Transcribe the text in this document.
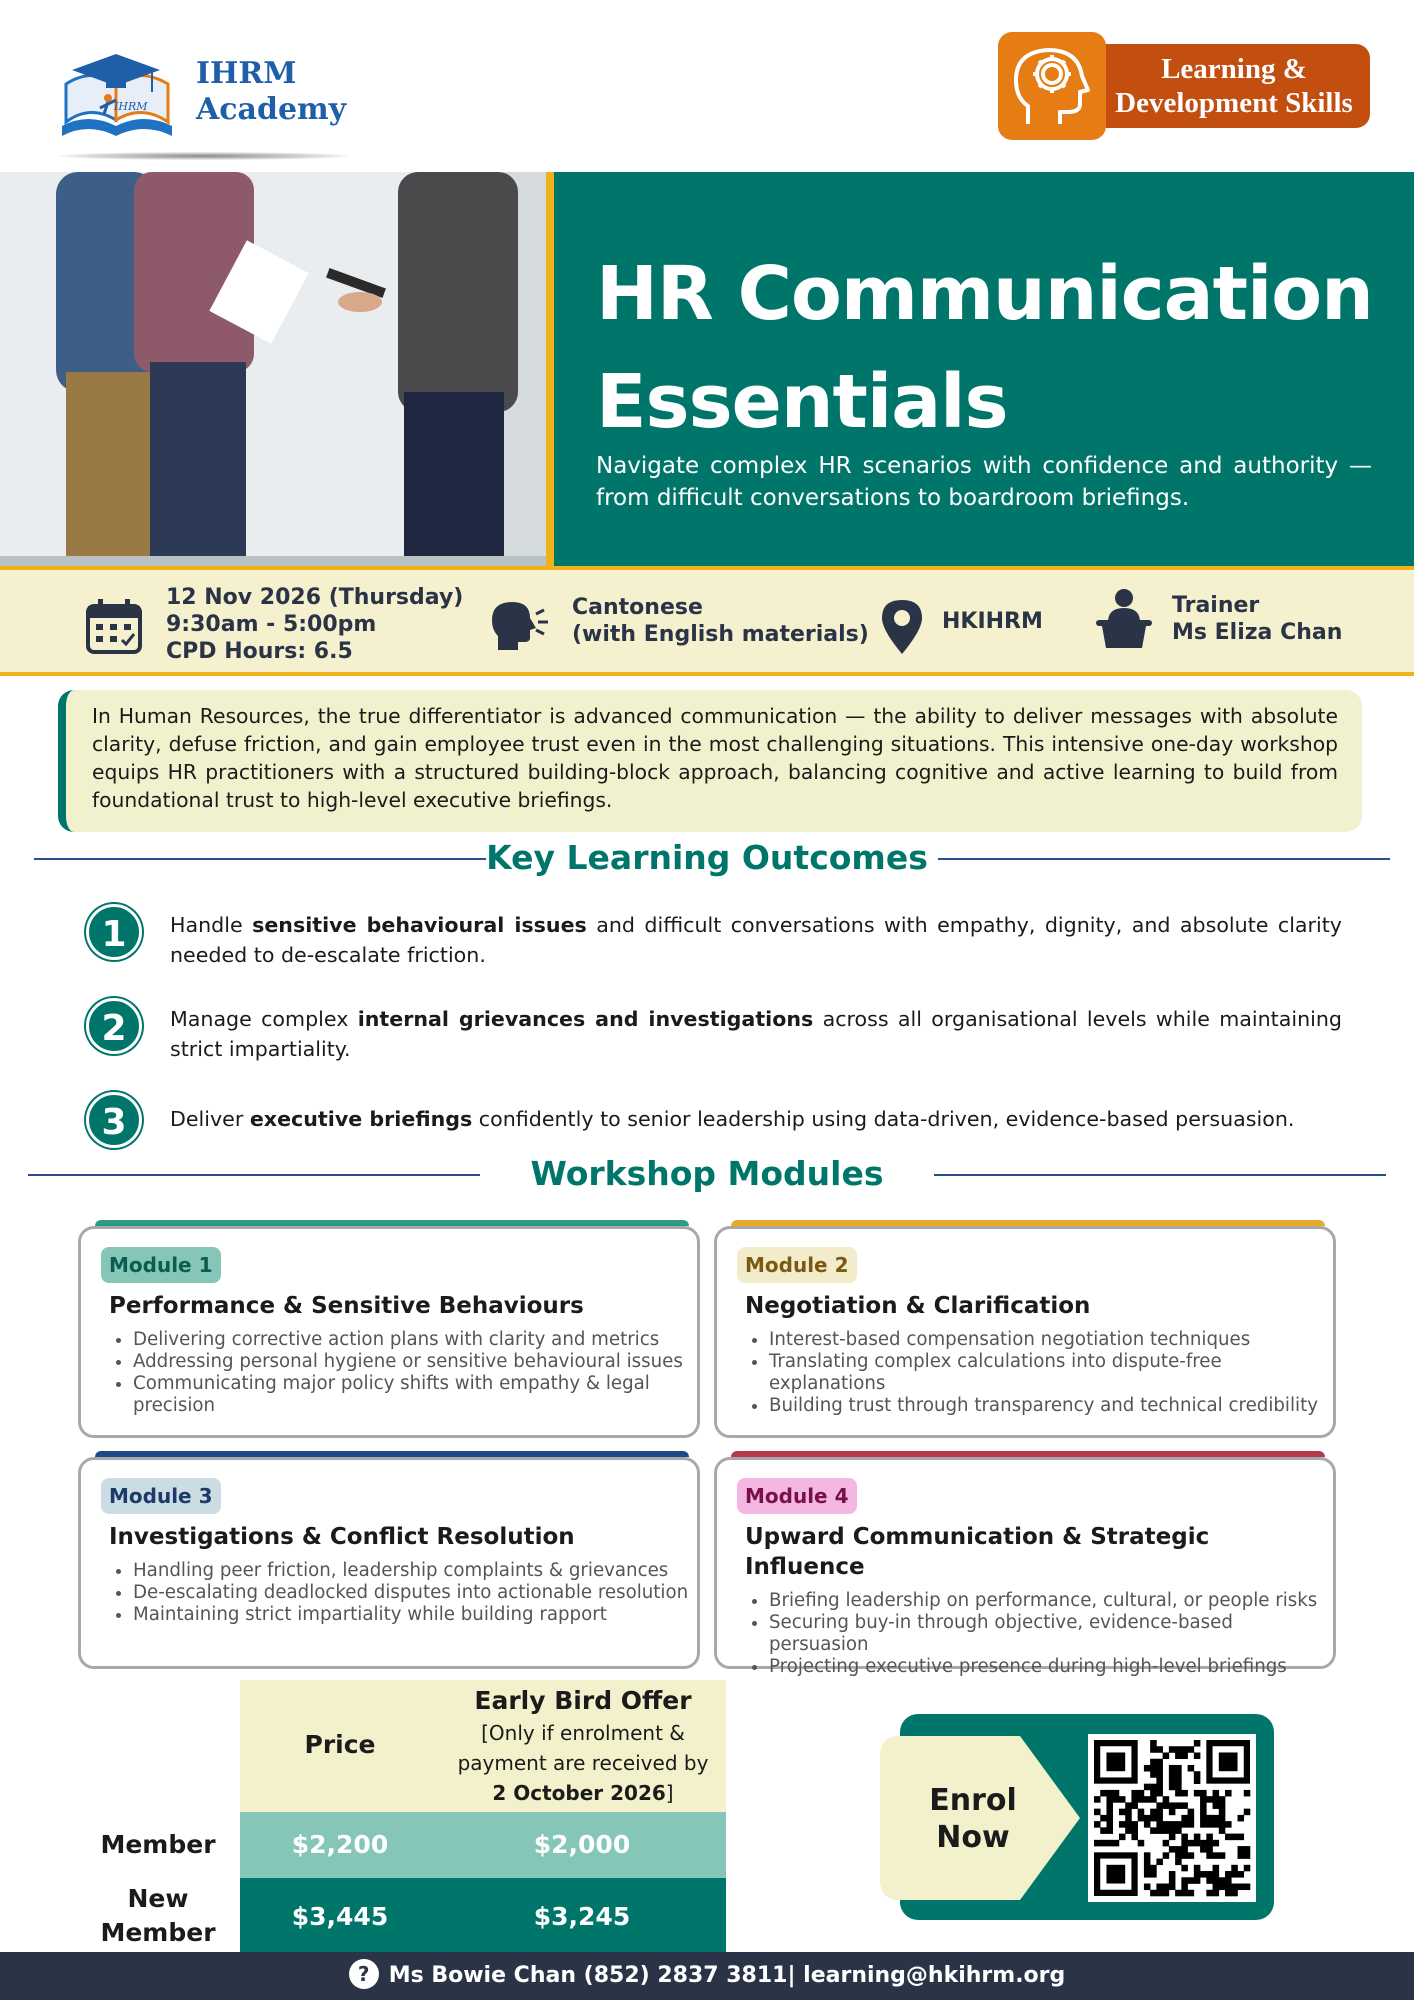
IHRM
IHRM
Academy
Learning &
Development Skills
HR Communication
Essentials
Navigate complex HR scenarios with confidence and authority — from difficult conversations to boardroom briefings.
12 Nov 2026 (Thursday)
9:30am - 5:00pm
CPD Hours: 6.5
Cantonese
(with English materials)
HKIHRM
Trainer
Ms Eliza Chan
In Human Resources, the true differentiator is advanced communication — the ability to deliver messages with absolute clarity, defuse friction, and gain employee trust even in the most challenging situations. This intensive one-day workshop equips HR practitioners with a structured building-block approach, balancing cognitive and active learning to build from foundational trust to high-level executive briefings.
Key Learning Outcomes
1	Handle sensitive behavioural issues and difficult conversations with empathy, dignity, and absolute clarity needed to de-escalate friction.
2	Manage complex internal grievances and investigations across all organisational levels while maintaining strict impartiality.
3	Deliver executive briefings confidently to senior leadership using data-driven, evidence-based persuasion.
Workshop Modules
Module 1
Performance & Sensitive Behaviours
• Delivering corrective action plans with clarity and metrics
• Addressing personal hygiene or sensitive behavioural issues
• Communicating major policy shifts with empathy & legal precision
Module 2
Negotiation & Clarification
• Interest-based compensation negotiation techniques
• Translating complex calculations into dispute-free explanations
• Building trust through transparency and technical credibility
Module 3
Investigations & Conflict Resolution
• Handling peer friction, leadership complaints & grievances
• De-escalating deadlocked disputes into actionable resolution
• Maintaining strict impartiality while building rapport
Module 4
Upward Communication & Strategic Influence
• Briefing leadership on performance, cultural, or people risks
• Securing buy-in through objective, evidence-based persuasion
• Projecting executive presence during high-level briefings
Price
Early Bird Offer
[Only if enrolment &
payment are received by
2 October 2026]
Member	$2,200	$2,000
New
Member
$3,445	$3,245
Enrol
Now
? Ms Bowie Chan (852) 2837 3811| learning@hkihrm.org
